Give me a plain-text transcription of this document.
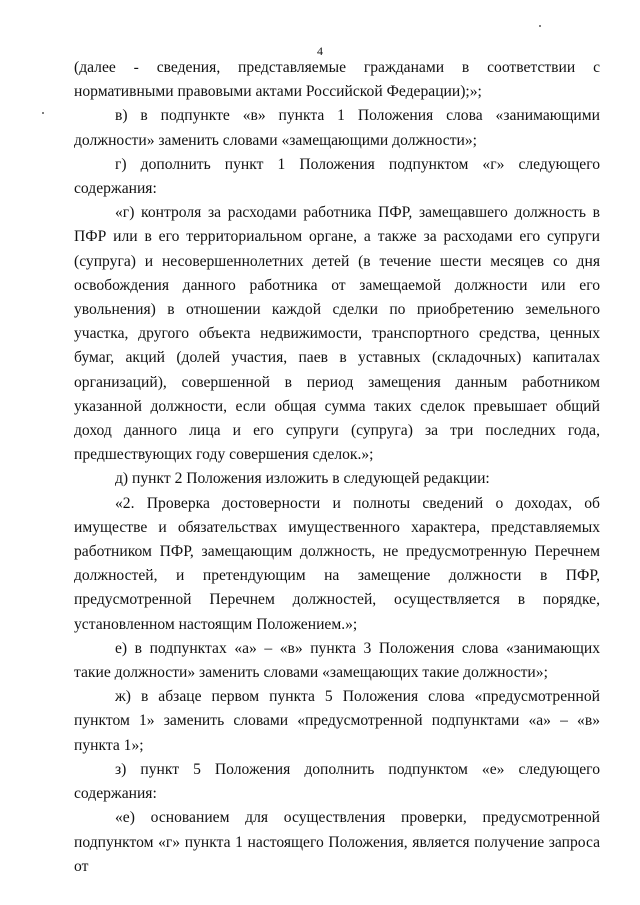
4

(далее - сведения, представляемые гражданами в соответствии с нормативными правовыми актами Российской Федерации);»;

в) в подпункте «в» пункта 1 Положения слова «занимающими должности» заменить словами «замещающими должности»;

г) дополнить пункт 1 Положения подпунктом «г» следующего содержания:

«г) контроля за расходами работника ПФР, замещавшего должность в ПФР или в его территориальном органе, а также за расходами его супруги (супруга) и несовершеннолетних детей (в течение шести месяцев со дня освобождения данного работника от замещаемой должности или его увольнения) в отношении каждой сделки по приобретению земельного участка, другого объекта недвижимости, транспортного средства, ценных бумаг, акций (долей участия, паев в уставных (складочных) капиталах организаций), совершенной в период замещения данным работником указанной должности, если общая сумма таких сделок превышает общий доход данного лица и его супруги (супруга) за три последних года, предшествующих году совершения сделок.»;

д) пункт 2 Положения изложить в следующей редакции:

«2. Проверка достоверности и полноты сведений о доходах, об имуществе и обязательствах имущественного характера, представляемых работником ПФР, замещающим должность, не предусмотренную Перечнем должностей, и претендующим на замещение должности в ПФР, предусмотренной Перечнем должностей, осуществляется в порядке, установленном настоящим Положением.»;

е) в подпунктах «а» – «в» пункта 3 Положения слова «занимающих такие должности» заменить словами «замещающих такие должности»;

ж) в абзаце первом пункта 5 Положения слова «предусмотренной пунктом 1» заменить словами «предусмотренной подпунктами «а» – «в» пункта 1»;

з) пункт 5 Положения дополнить подпунктом «е» следующего содержания:

«е) основанием для осуществления проверки, предусмотренной подпунктом «г» пункта 1 настоящего Положения, является получение запроса от
